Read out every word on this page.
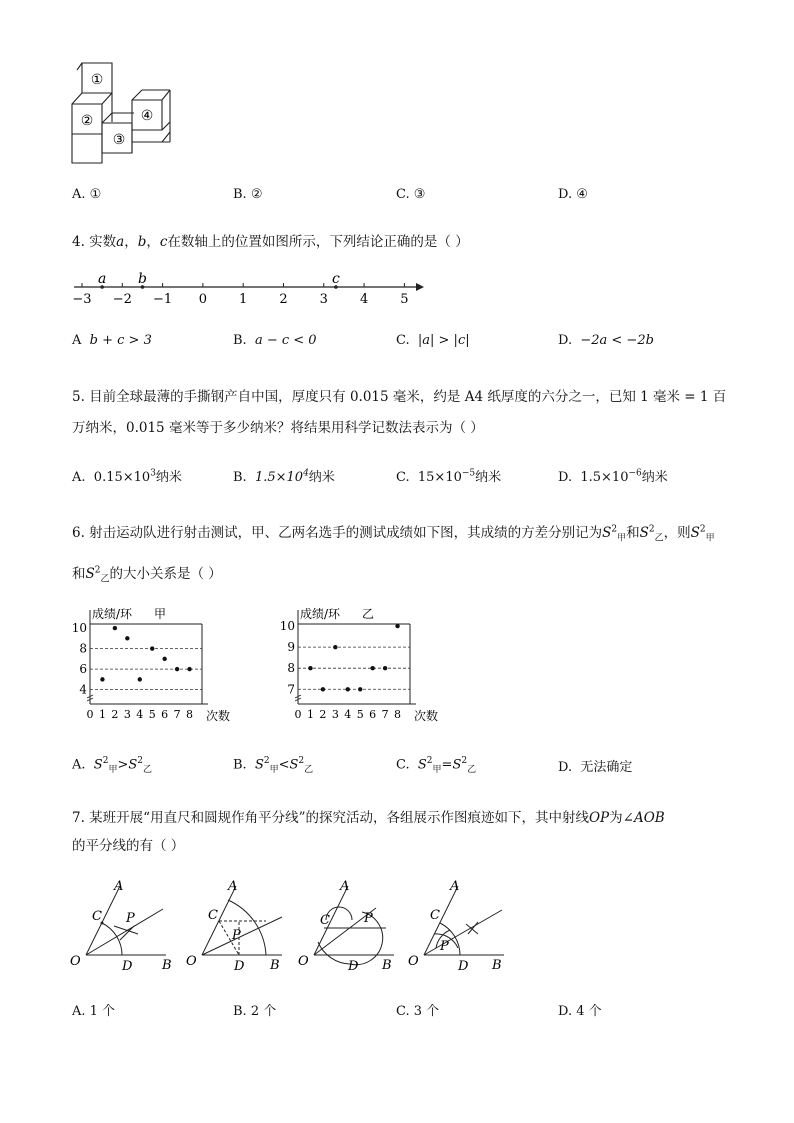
①
②
③
④
A. ①	B. ②	C. ③	D. ④
4. 实数𝑎，𝑏，𝑐在数轴上的位置如图所示，下列结论正确的是（ ）
−3 −2 −1 0 1 2 3 4 5
a b	c
A b + c > 3	B. a − c < 0	C. |a| > |c|	D. −2a < −2b
5. 目前全球最薄的手撕钢产自中国，厚度只有 0.015 毫米，约是 A4 纸厚度的六分之一，已知 1 毫米 = 1 百
万纳米，0.015 毫米等于多少纳米？将结果用科学记数法表示为（ ）
A. $0.15\times 10^3$纳米	B. $1.5\times 10^4$纳米	C. $15\times 10^{-5}$纳米	D. $1.5\times 10^{-6}$纳米
6. 射击运动队进行射击测试，甲、乙两名选手的测试成绩如下图，其成绩的方差分别记为$S^2_甲$和$S^2_乙$，则$S^2_甲$
和$S^2_乙$的大小关系是（ ）
4
6
8
10
0 1 2 3 4 5 6 7 8
成绩/环 甲
次数
7
8
9
10
0 1 2 3 4 5 6 7 8
成绩/环 乙
次数
A. $S^2_甲>S^2_乙$	B. $S^2_甲<S^2_乙$	C. $S^2_甲=S^2_乙$	D. 无法确定
7. 某班开展“用直尺和圆规作角平分线”的探究活动，各组展示作图痕迹如下，其中射线OP为∠AOB
的平分线的有（ ）
A
B
C
D
O
P
A
B
C
D
O
P
A
B
C
D
O
P
A
B
C
D
O
P
A. 1 个	B. 2 个	C. 3 个	D. 4 个
